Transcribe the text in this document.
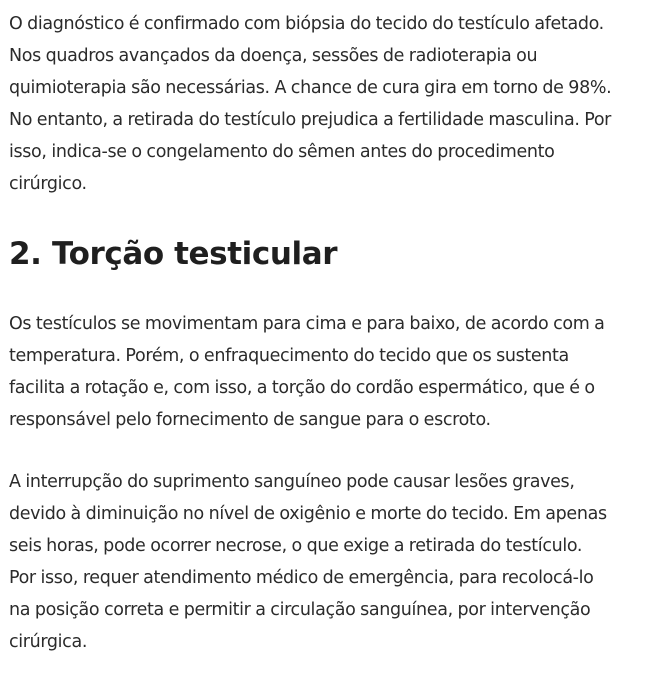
O diagnóstico é confirmado com biópsia do tecido do testículo afetado.
Nos quadros avançados da doença, sessões de radioterapia ou
quimioterapia são necessárias. A chance de cura gira em torno de 98%.
No entanto, a retirada do testículo prejudica a fertilidade masculina. Por
isso, indica-se o congelamento do sêmen antes do procedimento
cirúrgico.

2. Torção testicular

Os testículos se movimentam para cima e para baixo, de acordo com a
temperatura. Porém, o enfraquecimento do tecido que os sustenta
facilita a rotação e, com isso, a torção do cordão espermático, que é o
responsável pelo fornecimento de sangue para o escroto.

A interrupção do suprimento sanguíneo pode causar lesões graves,
devido à diminuição no nível de oxigênio e morte do tecido. Em apenas
seis horas, pode ocorrer necrose, o que exige a retirada do testículo.
Por isso, requer atendimento médico de emergência, para recolocá-lo
na posição correta e permitir a circulação sanguínea, por intervenção
cirúrgica.
